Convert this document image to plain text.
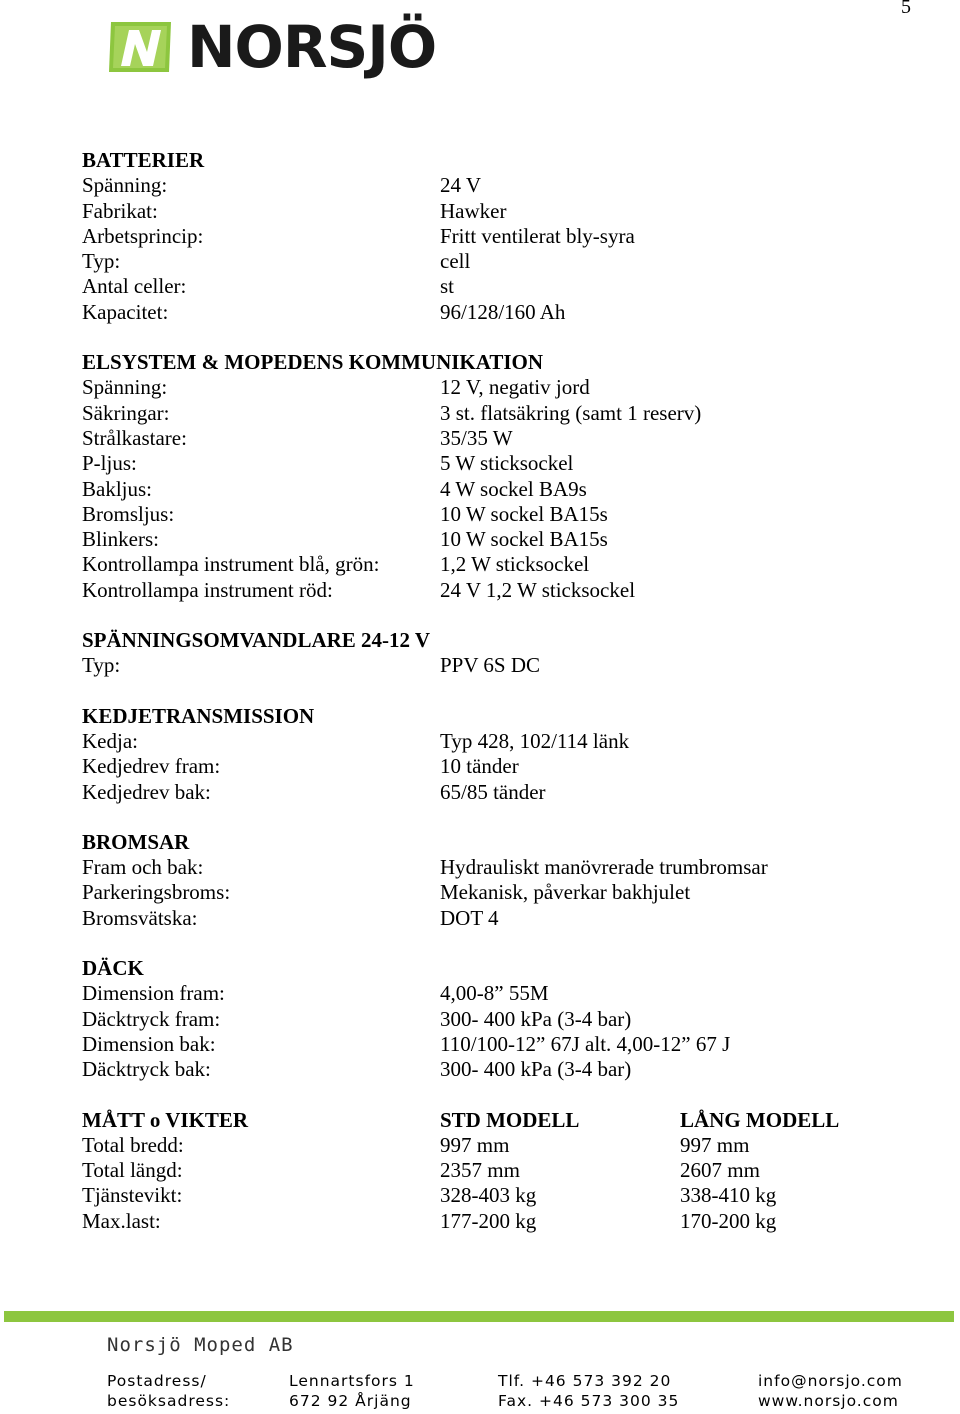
5
NORSJÖ
BATTERIER
Spänning:	24 V
Fabrikat:	Hawker
Arbetsprincip:	Fritt ventilerat bly-syra
Typ:	cell
Antal celler:	st
Kapacitet:	96/128/160 Ah
ELSYSTEM & MOPEDENS KOMMUNIKATION
Spänning:	12 V, negativ jord
Säkringar:	3 st. flatsäkring (samt 1 reserv)
Strålkastare:	35/35 W
P-ljus:	5 W sticksockel
Bakljus:	4 W sockel BA9s
Bromsljus:	10 W sockel BA15s
Blinkers:	10 W sockel BA15s
Kontrollampa instrument blå, grön:	1,2 W sticksockel
Kontrollampa instrument röd:	24 V 1,2 W sticksockel
SPÄNNINGSOMVANDLARE 24-12 V
Typ:	PPV 6S DC
KEDJETRANSMISSION
Kedja:	Typ 428, 102/114 länk
Kedjedrev fram:	10 tänder
Kedjedrev bak:	65/85 tänder
BROMSAR
Fram och bak:	Hydrauliskt manövrerade trumbromsar
Parkeringsbroms:	Mekanisk, påverkar bakhjulet
Bromsvätska:	DOT 4
DÄCK
Dimension fram:	4,00-8” 55M
Däcktryck fram:	300- 400 kPa (3-4 bar)
Dimension bak:	110/100-12” 67J alt. 4,00-12” 67 J
Däcktryck bak:	300- 400 kPa (3-4 bar)
MÅTT o VIKTER	STD MODELL	LÅNG MODELL
Total bredd:	997 mm	997 mm
Total längd:	2357 mm	2607 mm
Tjänstevikt:	328-403 kg	338-410 kg
Max.last:	177-200 kg	170-200 kg
Norsjö Moped AB
Postadress/
besöksadress:
Lennartsfors 1
672 92 Årjäng
Tlf. +46 573 392 20
Fax. +46 573 300 35
info@norsjo.com
www.norsjo.com
